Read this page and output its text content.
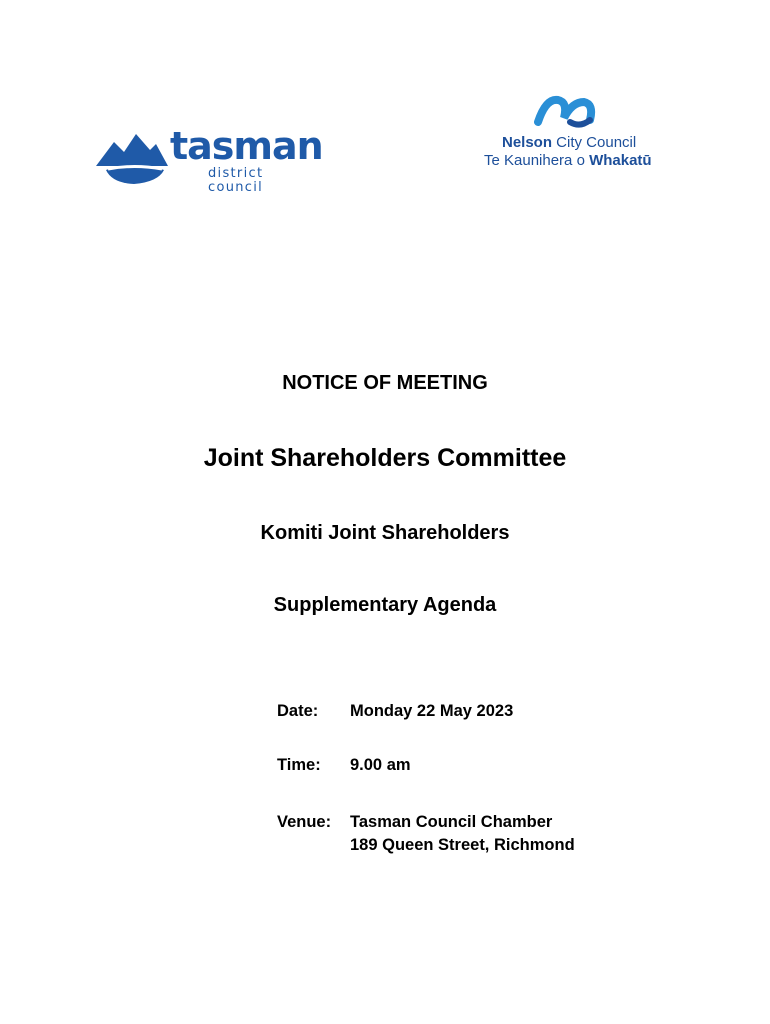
tasman
district council
Nelson City Council
Te Kaunihera o Whakatū
NOTICE OF MEETING
Joint Shareholders Committee
Komiti Joint Shareholders
Supplementary Agenda
Date: Monday 22 May 2023
Time: 9.00 am
Venue: Tasman Council Chamber
189 Queen Street, Richmond
